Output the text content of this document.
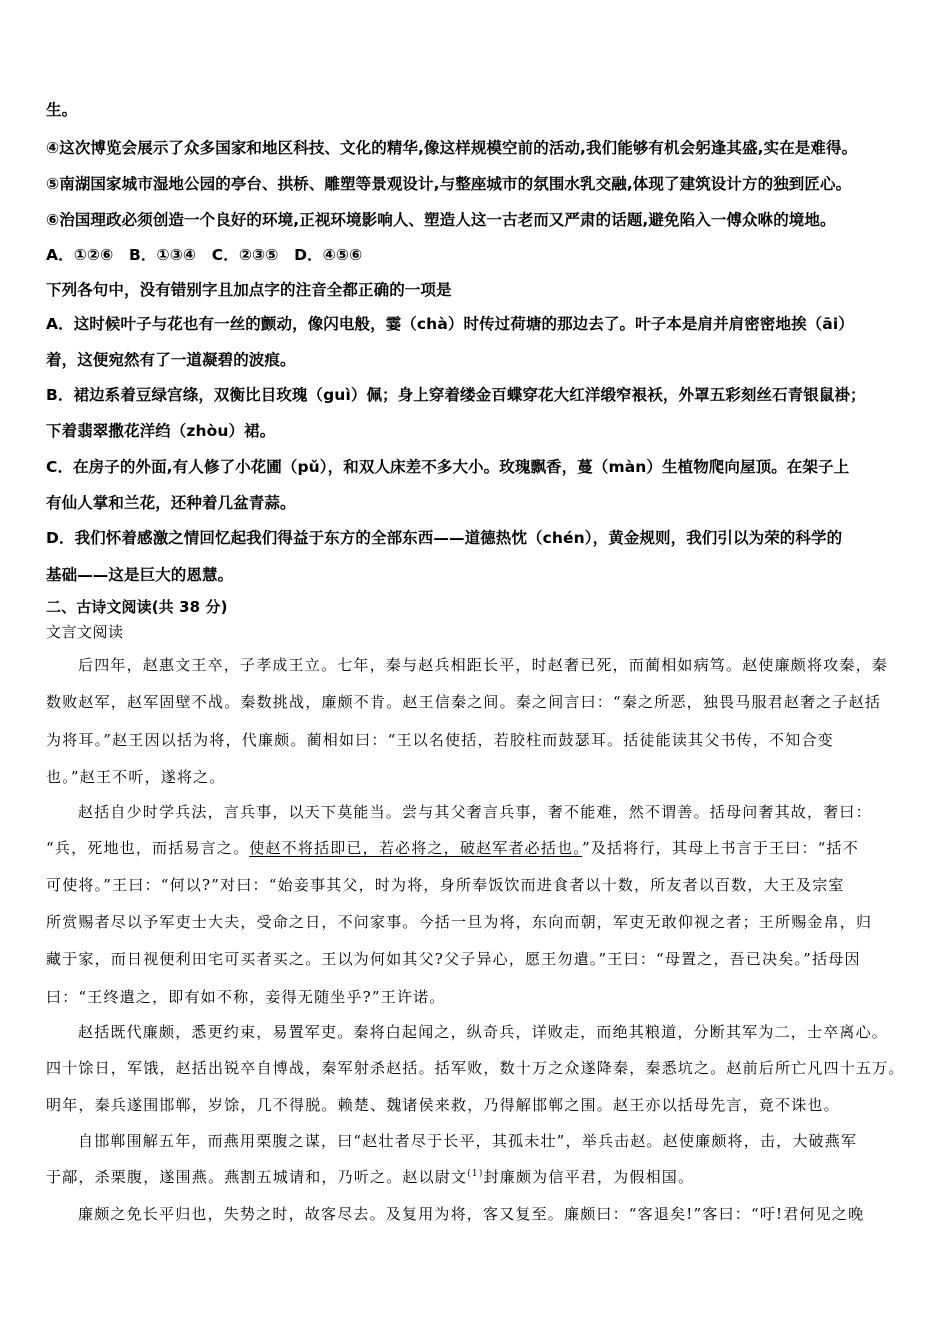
生。
④这次博览会展示了众多国家和地区科技、文化的精华,像这样规模空前的活动,我们能够有机会躬逢其盛,实在是难得。
⑤南湖国家城市湿地公园的亭台、拱桥、雕塑等景观设计,与整座城市的氛围水乳交融,体现了建筑设计方的独到匠心。
⑥治国理政必须创造一个良好的环境,正视环境影响人、塑造人这一古老而又严肃的话题,避免陷入一傅众咻的境地。
A．①②⑥　B．①③④　C．②③⑤　D．④⑤⑥
下列各句中，没有错别字且加点字的注音全都正确的一项是
A．这时候叶子与花也有一丝的颤动，像闪电般，霎（chà）时传过荷塘的那边去了。叶子本是肩并肩密密地挨（āi）
着，这便宛然有了一道凝碧的波痕。
B．裙边系着豆绿宫绦，双衡比目玫瑰（guì）佩；身上穿着缕金百蝶穿花大红洋缎窄裉袄，外罩五彩刻丝石青银鼠褂；
下着翡翠撒花洋绉（zhòu）裙。
C．在房子的外面,有人修了小花圃（pǔ），和双人床差不多大小。玫瑰飘香，蔓（màn）生植物爬向屋顶。在架子上
有仙人掌和兰花，还种着几盆青蒜。
D．我们怀着感激之情回忆起我们得益于东方的全部东西——道德热忱（chén），黄金规则，我们引以为荣的科学的
基础——这是巨大的恩慧。
二、古诗文阅读(共 38 分)
文言文阅读
后四年，赵惠文王卒，子孝成王立。七年，秦与赵兵相距长平，时赵奢已死，而蔺相如病笃。赵使廉颇将攻秦，秦
数败赵军，赵军固壁不战。秦数挑战，廉颇不肯。赵王信秦之间。秦之间言曰：“秦之所恶，独畏马服君赵奢之子赵括
为将耳。”赵王因以括为将，代廉颇。蔺相如曰：“王以名使括，若胶柱而鼓瑟耳。括徒能读其父书传，不知合变
也。”赵王不听，遂将之。
赵括自少时学兵法，言兵事，以天下莫能当。尝与其父奢言兵事，奢不能难，然不谓善。括母问奢其故，奢曰：
“兵，死地也，而括易言之。使赵不将括即已，若必将之，破赵军者必括也。”及括将行，其母上书言于王曰：“括不
可使将。”王曰：“何以?”对曰：“始妾事其父，时为将，身所奉饭饮而进食者以十数，所友者以百数，大王及宗室
所赏赐者尽以予军吏士大夫，受命之日，不问家事。今括一旦为将，东向而朝，军吏无敢仰视之者；王所赐金帛，归
藏于家，而日视便利田宅可买者买之。王以为何如其父?父子异心，愿王勿遣。”王曰：“母置之，吾已决矣。”括母因
曰：“王终遣之，即有如不称，妾得无随坐乎?”王许诺。
赵括既代廉颇，悉更约束，易置军吏。秦将白起闻之，纵奇兵，详败走，而绝其粮道，分断其军为二，士卒离心。
四十馀日，军饿，赵括出锐卒自博战，秦军射杀赵括。括军败，数十万之众遂降秦，秦悉坑之。赵前后所亡凡四十五万。
明年，秦兵遂围邯郸，岁馀，几不得脱。赖楚、魏诸侯来救，乃得解邯郸之围。赵王亦以括母先言，竟不诛也。
自邯郸围解五年，而燕用栗腹之谋，曰“赵壮者尽于长平，其孤未壮”，举兵击赵。赵使廉颇将，击，大破燕军
于鄗，杀栗腹，遂围燕。燕割五城请和，乃听之。赵以尉文$^{(1)}$封廉颇为信平君，为假相国。
廉颇之免长平归也，失势之时，故客尽去。及复用为将，客又复至。廉颇曰：“客退矣!”客曰：“吁!君何见之晚
